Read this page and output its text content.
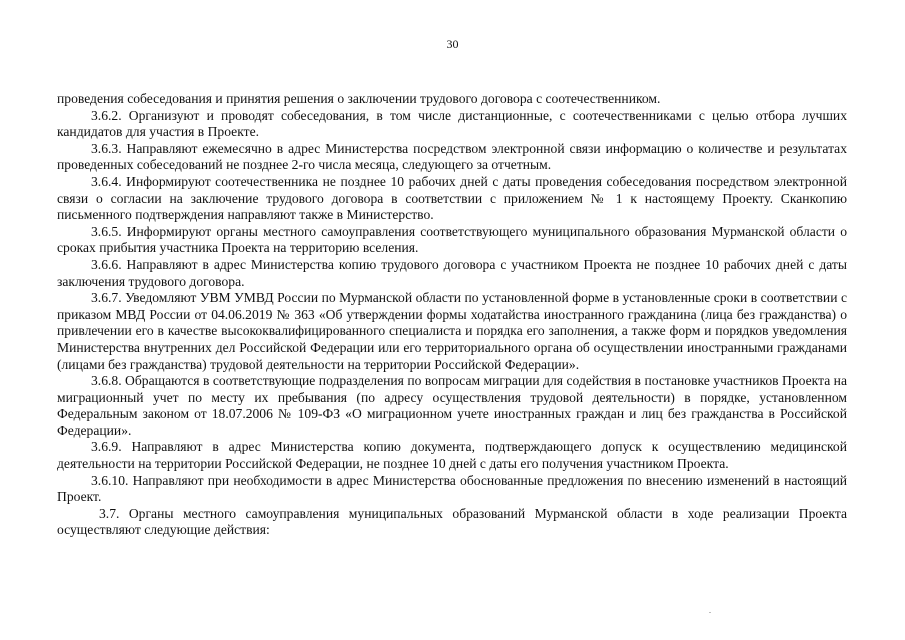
30

проведения собеседования и принятия решения о заключении трудового договора с соотечественником.

3.6.2. Организуют и проводят собеседования, в том числе дистанционные, с соотечественниками с целью отбора лучших кандидатов для участия в Проекте.

3.6.3. Направляют ежемесячно в адрес Министерства посредством электронной связи информацию о количестве и результатах проведенных собеседований не позднее 2-го числа месяца, следующего за отчетным.

3.6.4. Информируют соотечественника не позднее 10 рабочих дней с даты проведения собеседования посредством электронной связи о согласии на заключение трудового договора в соответствии с приложением № 1 к настоящему Проекту. Сканкопию письменного подтверждения направляют также в Министерство.

3.6.5. Информируют органы местного самоуправления соответствующего муниципального образования Мурманской области о сроках прибытия участника Проекта на территорию вселения.

3.6.6. Направляют в адрес Министерства копию трудового договора с участником Проекта не позднее 10 рабочих дней с даты заключения трудового договора.

3.6.7. Уведомляют УВМ УМВД России по Мурманской области по установленной форме в установленные сроки в соответствии с приказом МВД России от 04.06.2019 № 363 «Об утверждении формы ходатайства иностранного гражданина (лица без гражданства) о привлечении его в качестве высококвалифицированного специалиста и порядка его заполнения, а также форм и порядков уведомления Министерства внутренних дел Российской Федерации или его территориального органа об осуществлении иностранными гражданами (лицами без гражданства) трудовой деятельности на территории Российской Федерации».

3.6.8. Обращаются в соответствующие подразделения по вопросам миграции для содействия в постановке участников Проекта на миграционный учет по месту их пребывания (по адресу осуществления трудовой деятельности) в порядке, установленном Федеральным законом от 18.07.2006 № 109-ФЗ «О миграционном учете иностранных граждан и лиц без гражданства в Российской Федерации».

3.6.9. Направляют в адрес Министерства копию документа, подтверждающего допуск к осуществлению медицинской деятельности на территории Российской Федерации, не позднее 10 дней с даты его получения участником Проекта.

3.6.10. Направляют при необходимости в адрес Министерства обоснованные предложения по внесению изменений в настоящий Проект.

3.7. Органы местного самоуправления муниципальных образований Мурманской области в ходе реализации Проекта осуществляют следующие действия:
